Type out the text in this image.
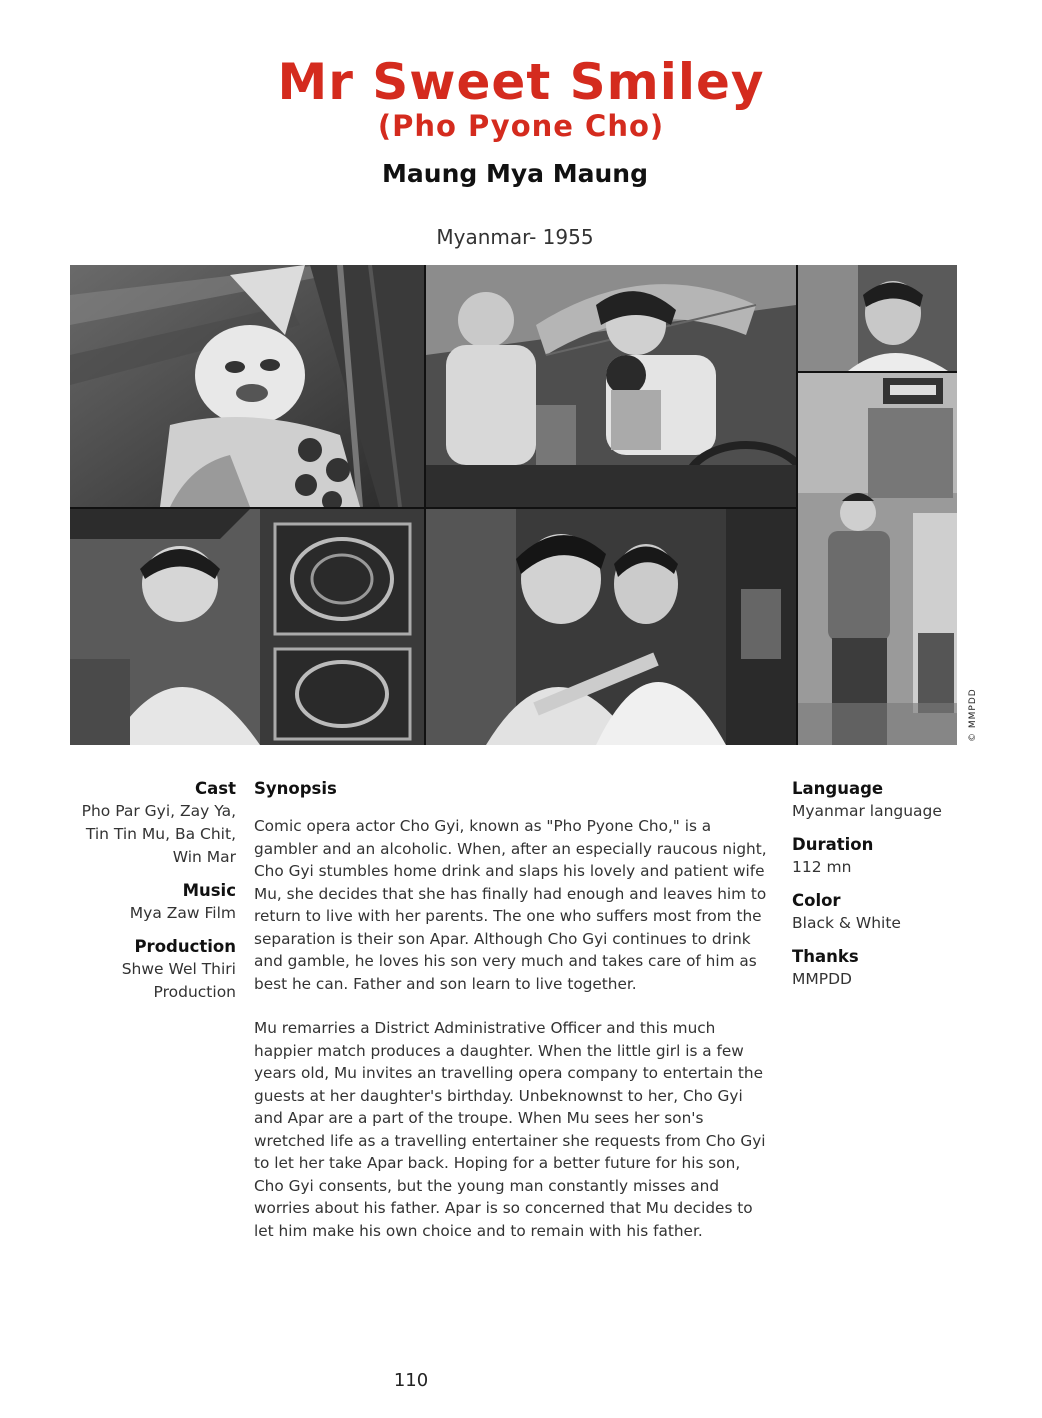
Mr Sweet Smiley
(Pho Pyone Cho)
Maung Mya Maung
Myanmar- 1955
© MMPDD
Cast
Pho Par Gyi, Zay Ya,
Tin Tin Mu, Ba Chit,
Win Mar
Music
Mya Zaw Film
Production
Shwe Wel Thiri
Production
Synopsis

Comic opera actor Cho Gyi, known as "Pho Pyone Cho," is a gambler and an alcoholic. When, after an especially raucous night, Cho Gyi stumbles home drink and slaps his lovely and patient wife Mu, she decides that she has finally had enough and leaves him to return to live with her parents. The one who suffers most from the separation is their son Apar. Although Cho Gyi continues to drink and gamble, he loves his son very much and takes care of him as best he can. Father and son learn to live together.

Mu remarries a District Administrative Officer and this much happier match produces a daughter. When the little girl is a few years old, Mu invites an travelling opera company to entertain the guests at her daughter's birthday. Unbeknownst to her, Cho Gyi and Apar are a part of the troupe. When Mu sees her son's wretched life as a travelling entertainer she requests from Cho Gyi to let her take Apar back. Hoping for a better future for his son, Cho Gyi consents, but the young man constantly misses and worries about his father. Apar is so concerned that Mu decides to let him make his own choice and to remain with his father.

Language
Myanmar language
Duration
112 mn
Color
Black & White
Thanks
MMPDD
110
